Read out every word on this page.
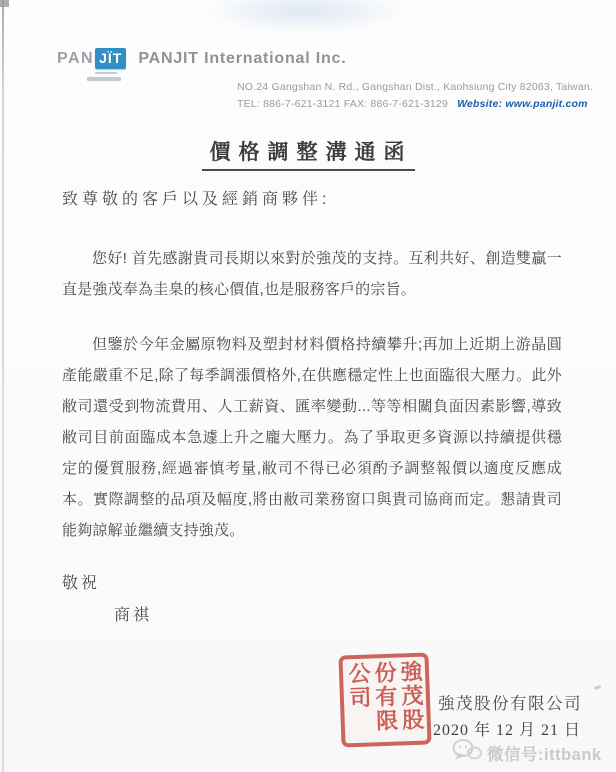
PAN JÏT PANJIT International Inc.
NO.24 Gangshan N. Rd., Gangshan Dist., Kaohsiung City 82063, Taiwan.
TEL: 886-7-621-3121 FAX: 886-7-621-3129 Website: www.panjit.com
價格調整溝通函
致尊敬的客戶以及經銷商夥伴:

您好! 首先感謝貴司長期以來對於強茂的支持。互利共好、創造雙贏一直是強茂奉為圭臬的核心價值,也是服務客戶的宗旨。

但鑒於今年金屬原物料及塑封材料價格持續攀升;再加上近期上游晶圓產能嚴重不足,除了每季調漲價格外,在供應穩定性上也面臨很大壓力。此外敝司還受到物流費用、人工薪資、匯率變動...等等相關負面因素影響,導致敝司目前面臨成本急遽上升之龐大壓力。為了爭取更多資源以持續提供穩定的優質服務,經過審慎考量,敝司不得已必須酌予調整報價以適度反應成本。實際調整的品項及幅度,將由敝司業務窗口與貴司協商而定。懇請貴司能夠諒解並繼續支持強茂。

敬祝
商祺
強茂股份有限公司	強茂股份有限公司
2020 年 12 月 21 日
微信号:ittbank
